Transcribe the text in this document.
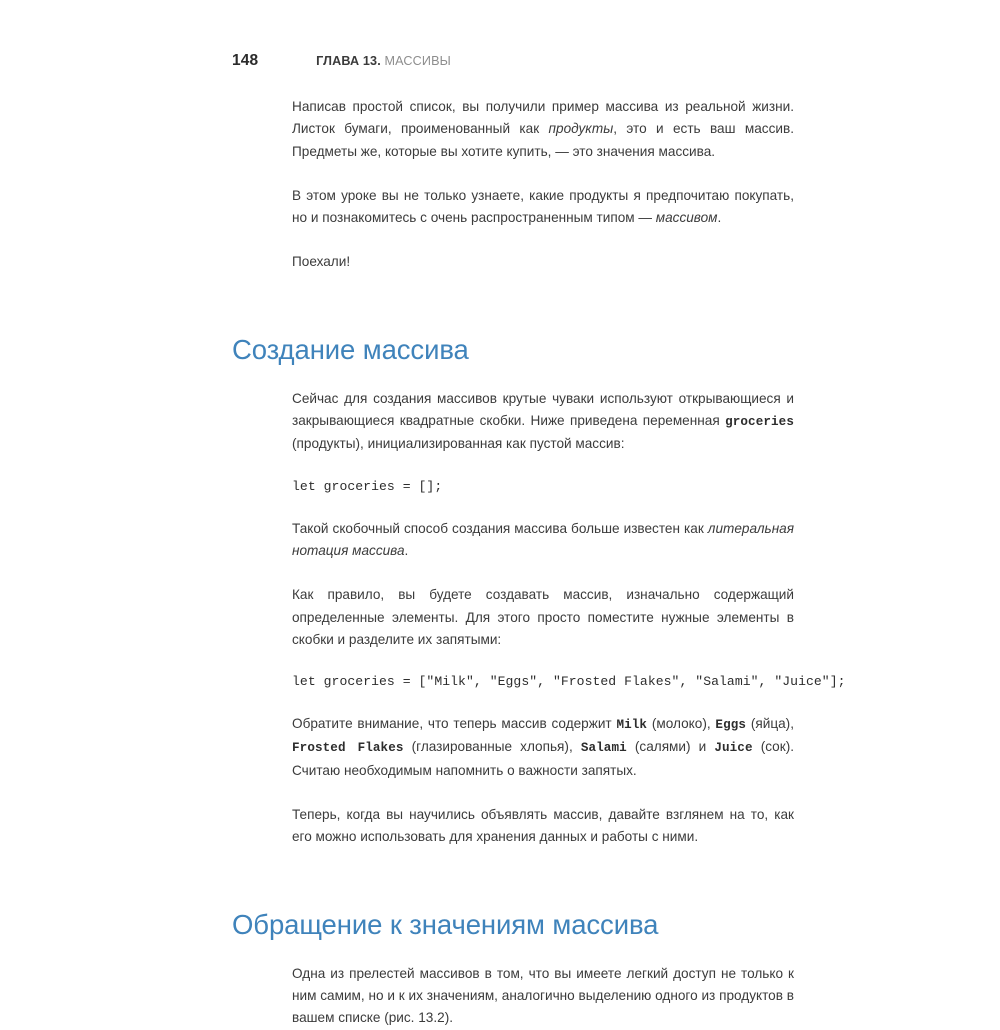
148	ГЛАВА 13. МАССИВЫ

Написав простой список, вы получили пример массива из реальной жизни. Листок бумаги, проименованный как продукты, это и есть ваш массив. Предметы же, которые вы хотите купить, — это значения массива.

В этом уроке вы не только узнаете, какие продукты я предпочитаю покупать, но и познакомитесь с очень распространенным типом — массивом.

Поехали!

Создание массива

Сейчас для создания массивов крутые чуваки используют открывающиеся и закрывающиеся квадратные скобки. Ниже приведена переменная groceries (продукты), инициализированная как пустой массив:

let groceries = [];

Такой скобочный способ создания массива больше известен как литеральная нотация массива.

Как правило, вы будете создавать массив, изначально содержащий определенные элементы. Для этого просто поместите нужные элементы в скобки и разделите их запятыми:

let groceries = ["Milk", "Eggs", "Frosted Flakes", "Salami", "Juice"];

Обратите внимание, что теперь массив содержит Milk (молоко), Eggs (яйца), Frosted Flakes (глазированные хлопья), Salami (салями) и Juice (сок). Считаю необходимым напомнить о важности запятых.

Теперь, когда вы научились объявлять массив, давайте взглянем на то, как его можно использовать для хранения данных и работы с ними.

Обращение к значениям массива

Одна из прелестей массивов в том, что вы имеете легкий доступ не только к ним самим, но и к их значениям, аналогично выделению одного из продуктов в вашем списке (рис. 13.2).
